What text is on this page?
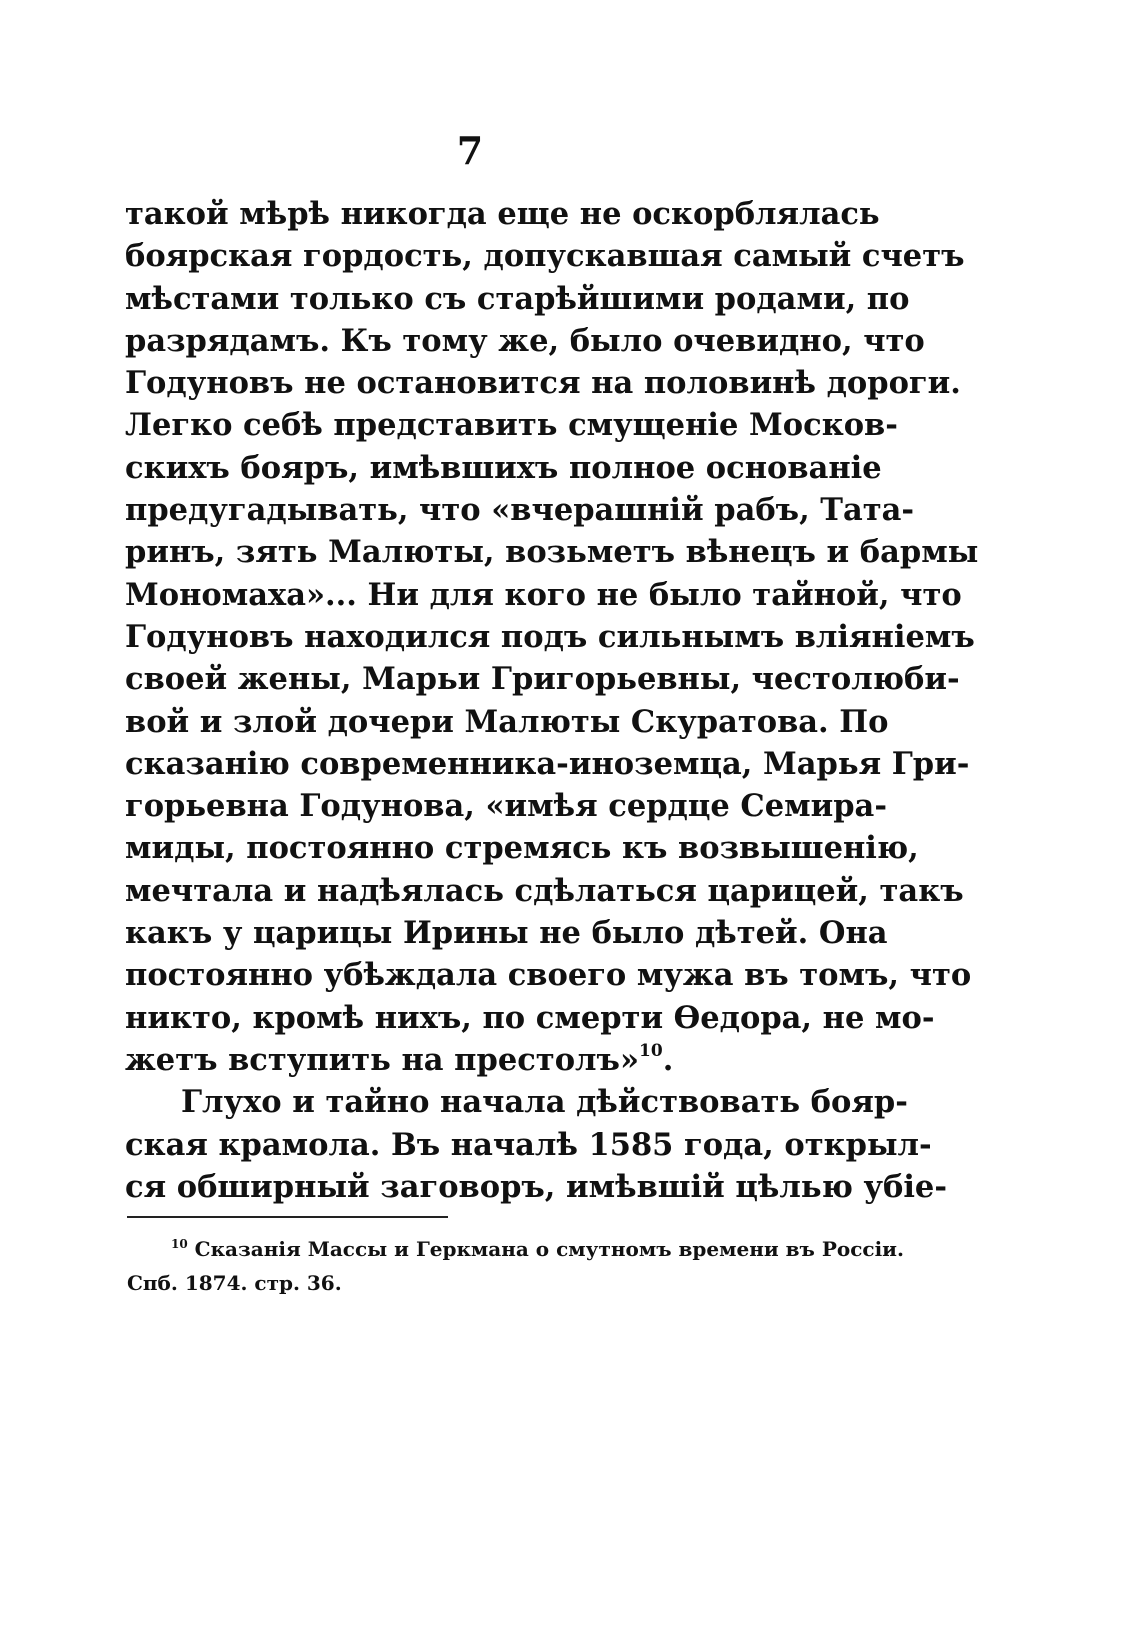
7
такой мѣрѣ никогда еще не оскорблялась
боярская гордость, допускавшая самый счетъ
мѣстами только съ старѣйшими родами, по
разрядамъ. Къ тому же, было очевидно, что
Годуновъ не остановится на половинѣ дороги.
Легко себѣ представить смущеніе Москов-
скихъ бояръ, имѣвшихъ полное основаніе
предугадывать, что «вчерашній рабъ, Тата-
ринъ, зять Малюты, возьметъ вѣнецъ и бармы
Мономаха»... Ни для кого не было тайной, что
Годуновъ находился подъ сильнымъ вліяніемъ
своей жены, Марьи Григорьевны, честолюби-
вой и злой дочери Малюты Скуратова. По
сказанію современника-иноземца, Марья Гри-
горьевна Годунова, «имѣя сердце Семира-
миды, постоянно стремясь къ возвышенію,
мечтала и надѣялась сдѣлаться царицей, такъ
какъ у царицы Ирины не было дѣтей. Она
постоянно убѣждала своего мужа въ томъ, что
никто, кромѣ нихъ, по смерти Ѳедора, не мо-
жетъ вступить на престолъ»$^{10}$.
Глухо и тайно начала дѣйствовать бояр-
ская крамола. Въ началѣ 1585 года, открыл-
ся обширный заговоръ, имѣвшій цѣлью убіе-
$^{10}$ Сказанія Массы и Геркмана о смутномъ времени въ Россіи.
Спб. 1874. стр. 36.
